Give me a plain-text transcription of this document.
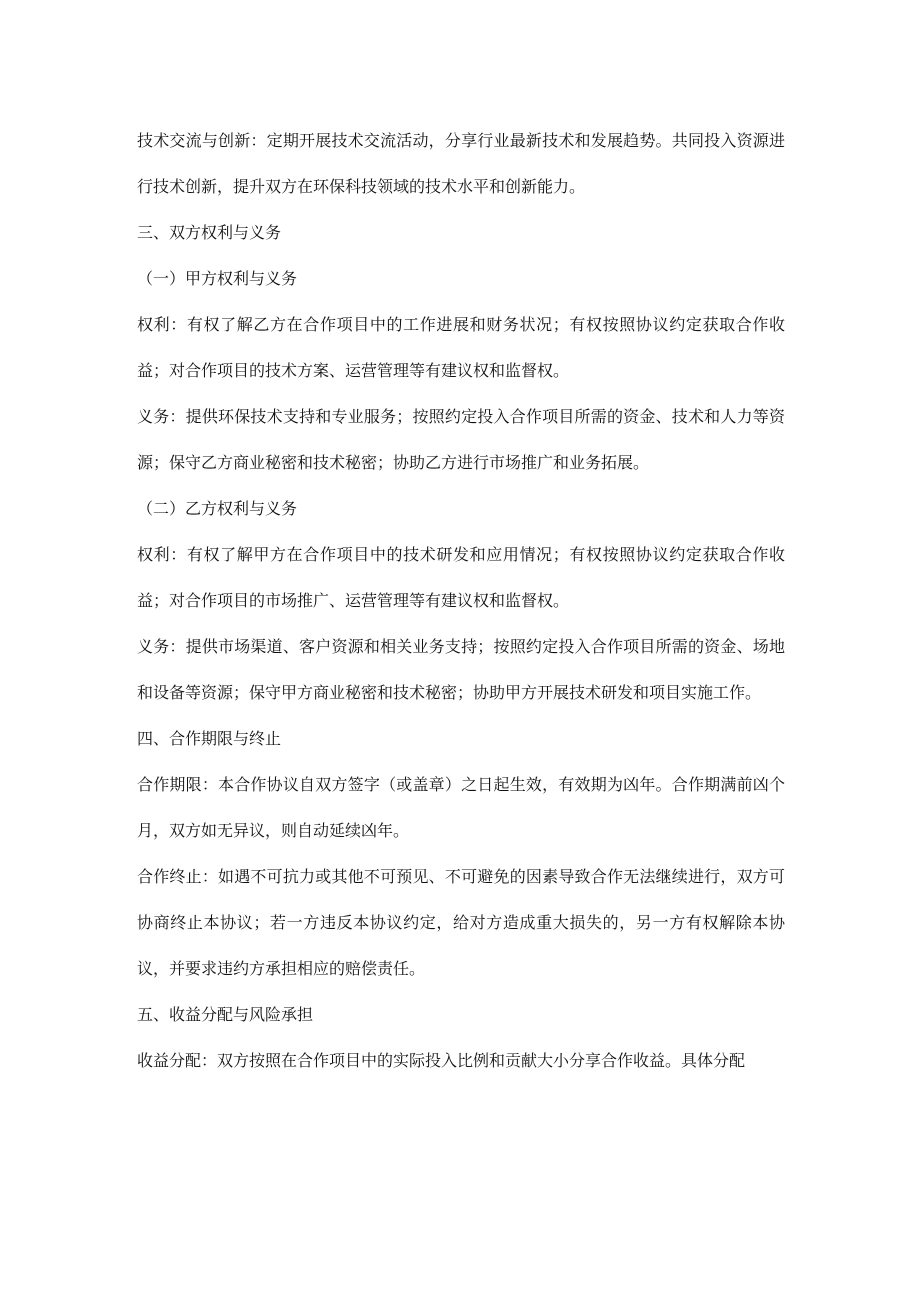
技术交流与创新：定期开展技术交流活动，分享行业最新技术和发展趋势。共同投入资源进行技术创新，提升双方在环保科技领域的技术水平和创新能力。

三、双方权利与义务

（一）甲方权利与义务

权利：有权了解乙方在合作项目中的工作进展和财务状况；有权按照协议约定获取合作收益；对合作项目的技术方案、运营管理等有建议权和监督权。

义务：提供环保技术支持和专业服务；按照约定投入合作项目所需的资金、技术和人力等资源；保守乙方商业秘密和技术秘密；协助乙方进行市场推广和业务拓展。

（二）乙方权利与义务

权利：有权了解甲方在合作项目中的技术研发和应用情况；有权按照协议约定获取合作收益；对合作项目的市场推广、运营管理等有建议权和监督权。

义务：提供市场渠道、客户资源和相关业务支持；按照约定投入合作项目所需的资金、场地和设备等资源；保守甲方商业秘密和技术秘密；协助甲方开展技术研发和项目实施工作。

四、合作期限与终止

合作期限：本合作协议自双方签字（或盖章）之日起生效，有效期为凶年。合作期满前凶个月，双方如无异议，则自动延续凶年。

合作终止：如遇不可抗力或其他不可预见、不可避免的因素导致合作无法继续进行，双方可协商终止本协议；若一方违反本协议约定，给对方造成重大损失的，另一方有权解除本协议，并要求违约方承担相应的赔偿责任。

五、收益分配与风险承担

收益分配：双方按照在合作项目中的实际投入比例和贡献大小分享合作收益。具体分配
